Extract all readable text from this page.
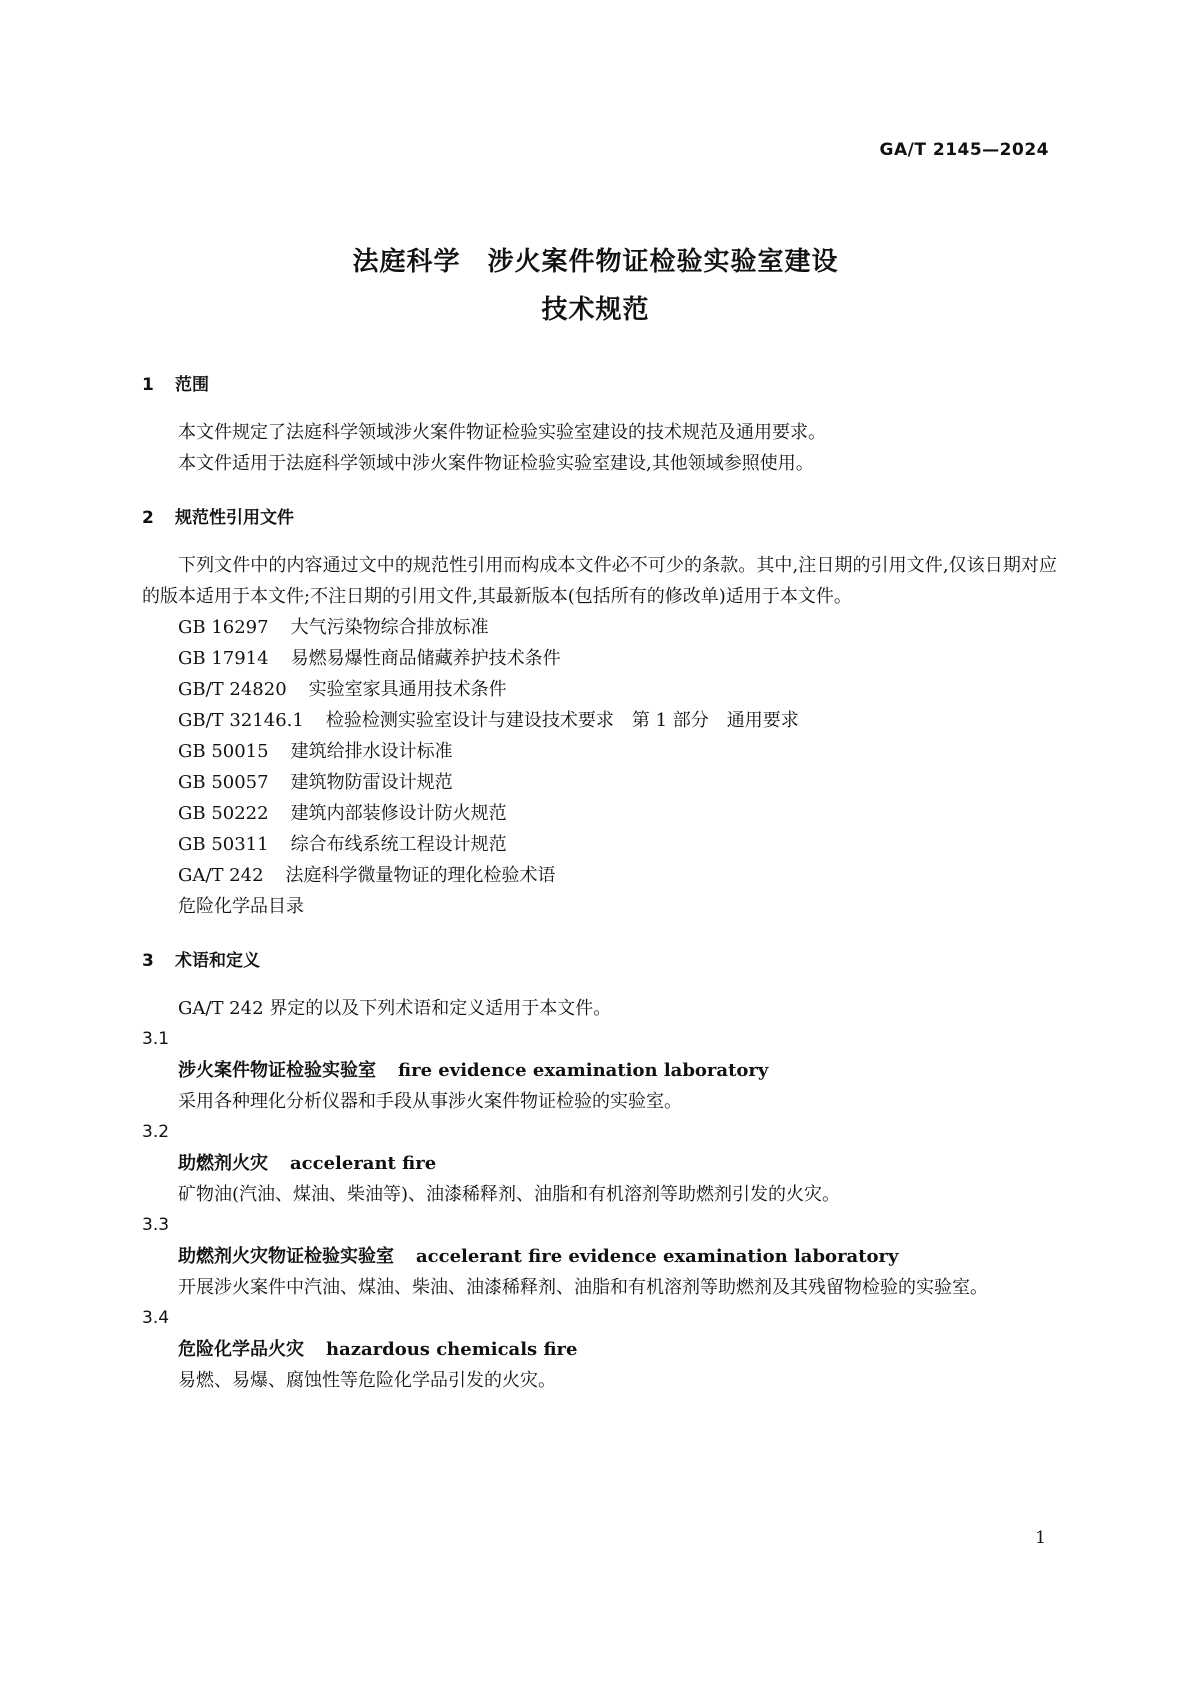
GA/T 2145—2024
法庭科学　涉火案件物证检验实验室建设
技术规范
1 范围
本文件规定了法庭科学领域涉火案件物证检验实验室建设的技术规范及通用要求。
本文件适用于法庭科学领域中涉火案件物证检验实验室建设,其他领域参照使用。
2 规范性引用文件
下列文件中的内容通过文中的规范性引用而构成本文件必不可少的条款。其中,注日期的引用文件,仅该日期对应的版本适用于本文件;不注日期的引用文件,其最新版本(包括所有的修改单)适用于本文件。
GB 16297 大气污染物综合排放标准
GB 17914 易燃易爆性商品储藏养护技术条件
GB/T 24820 实验室家具通用技术条件
GB/T 32146.1 检验检测实验室设计与建设技术要求　第 1 部分　通用要求
GB 50015 建筑给排水设计标准
GB 50057 建筑物防雷设计规范
GB 50222 建筑内部装修设计防火规范
GB 50311 综合布线系统工程设计规范
GA/T 242 法庭科学微量物证的理化检验术语
危险化学品目录
3 术语和定义
GA/T 242 界定的以及下列术语和定义适用于本文件。
3.1
涉火案件物证检验实验室 fire evidence examination laboratory
采用各种理化分析仪器和手段从事涉火案件物证检验的实验室。
3.2
助燃剂火灾 accelerant fire
矿物油(汽油、煤油、柴油等)、油漆稀释剂、油脂和有机溶剂等助燃剂引发的火灾。
3.3
助燃剂火灾物证检验实验室 accelerant fire evidence examination laboratory
开展涉火案件中汽油、煤油、柴油、油漆稀释剂、油脂和有机溶剂等助燃剂及其残留物检验的实验室。
3.4
危险化学品火灾 hazardous chemicals fire
易燃、易爆、腐蚀性等危险化学品引发的火灾。
1
